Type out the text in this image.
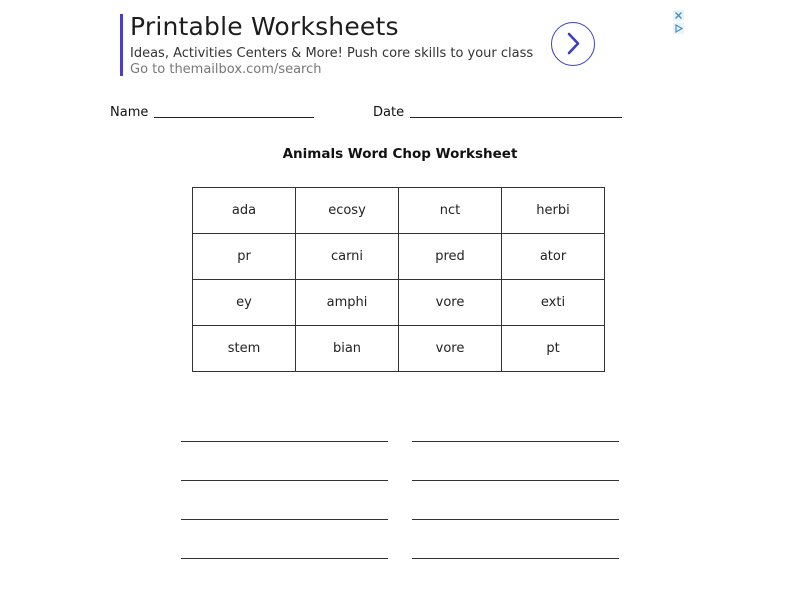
Printable Worksheets
Ideas, Activities Centers & More! Push core skills to your class Go to themailbox.com/search
Name	Date
Animals Word Chop Worksheet
ada	ecosy	nct	herbi
pr	carni	pred	ator
ey	amphi	vore	exti
stem	bian	vore	pt
